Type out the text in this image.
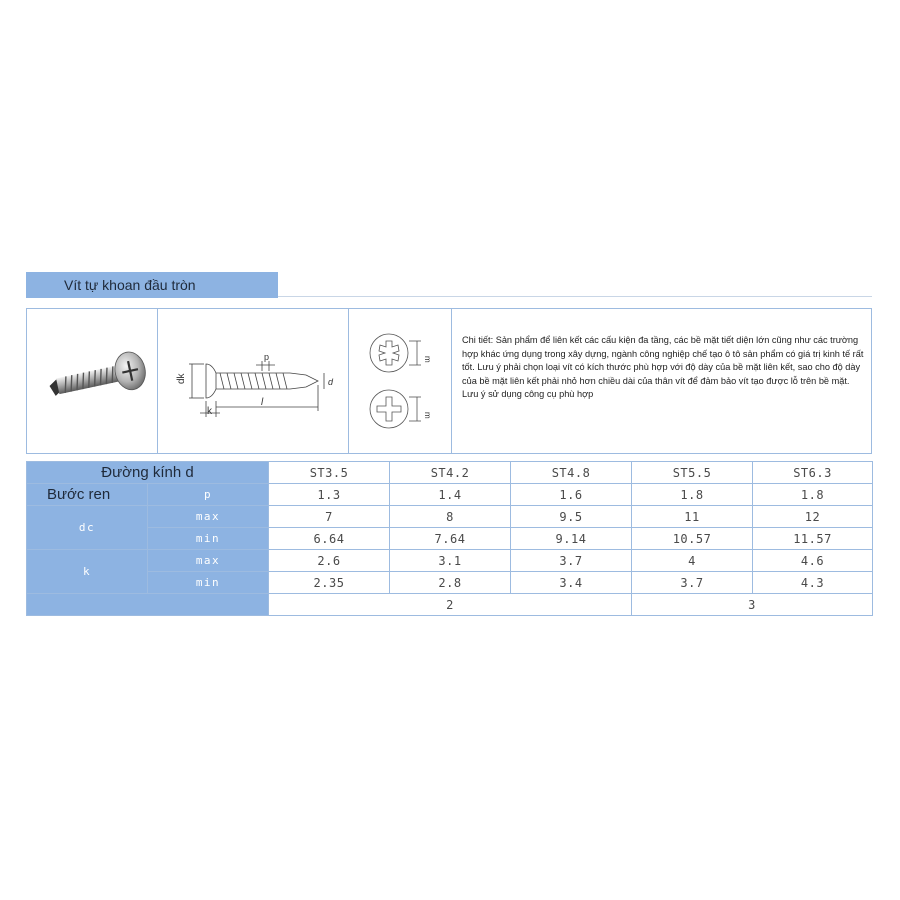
Vít tự khoan đầu tròn
dk
k
l
p
d
m
m
Chi tiết: Sản phẩm để liên kết các cấu kiện đa tầng, các bề mặt tiết diện lớn cũng như các trường hợp khác ứng dụng trong xây dựng, ngành công nghiệp chế tạo ô tô sản phẩm có giá trị kinh tế rất tốt. Lưu ý phải chọn loại vít có kích thước phù hợp với độ dày của bề mặt liên kết, sao cho độ dày của bề mặt liên kết phải nhỏ hơn chiều dài của thân vít để đảm bảo vít tạo được lỗ trên bề mặt. Lưu ý sử dụng công cụ phù hợp
Đường kính d		ST3.5	ST4.2	ST4.8	ST5.5	ST6.3
Bước ren	p	1.3	1.4	1.6	1.8	1.8
dc	max	7	8	9.5	11	12
	min	6.64	7.64	9.14	10.57	11.57
k	max	2.6	3.1	3.7	4	4.6
	min	2.35	2.8	3.4	3.7	4.3
		2			3	
